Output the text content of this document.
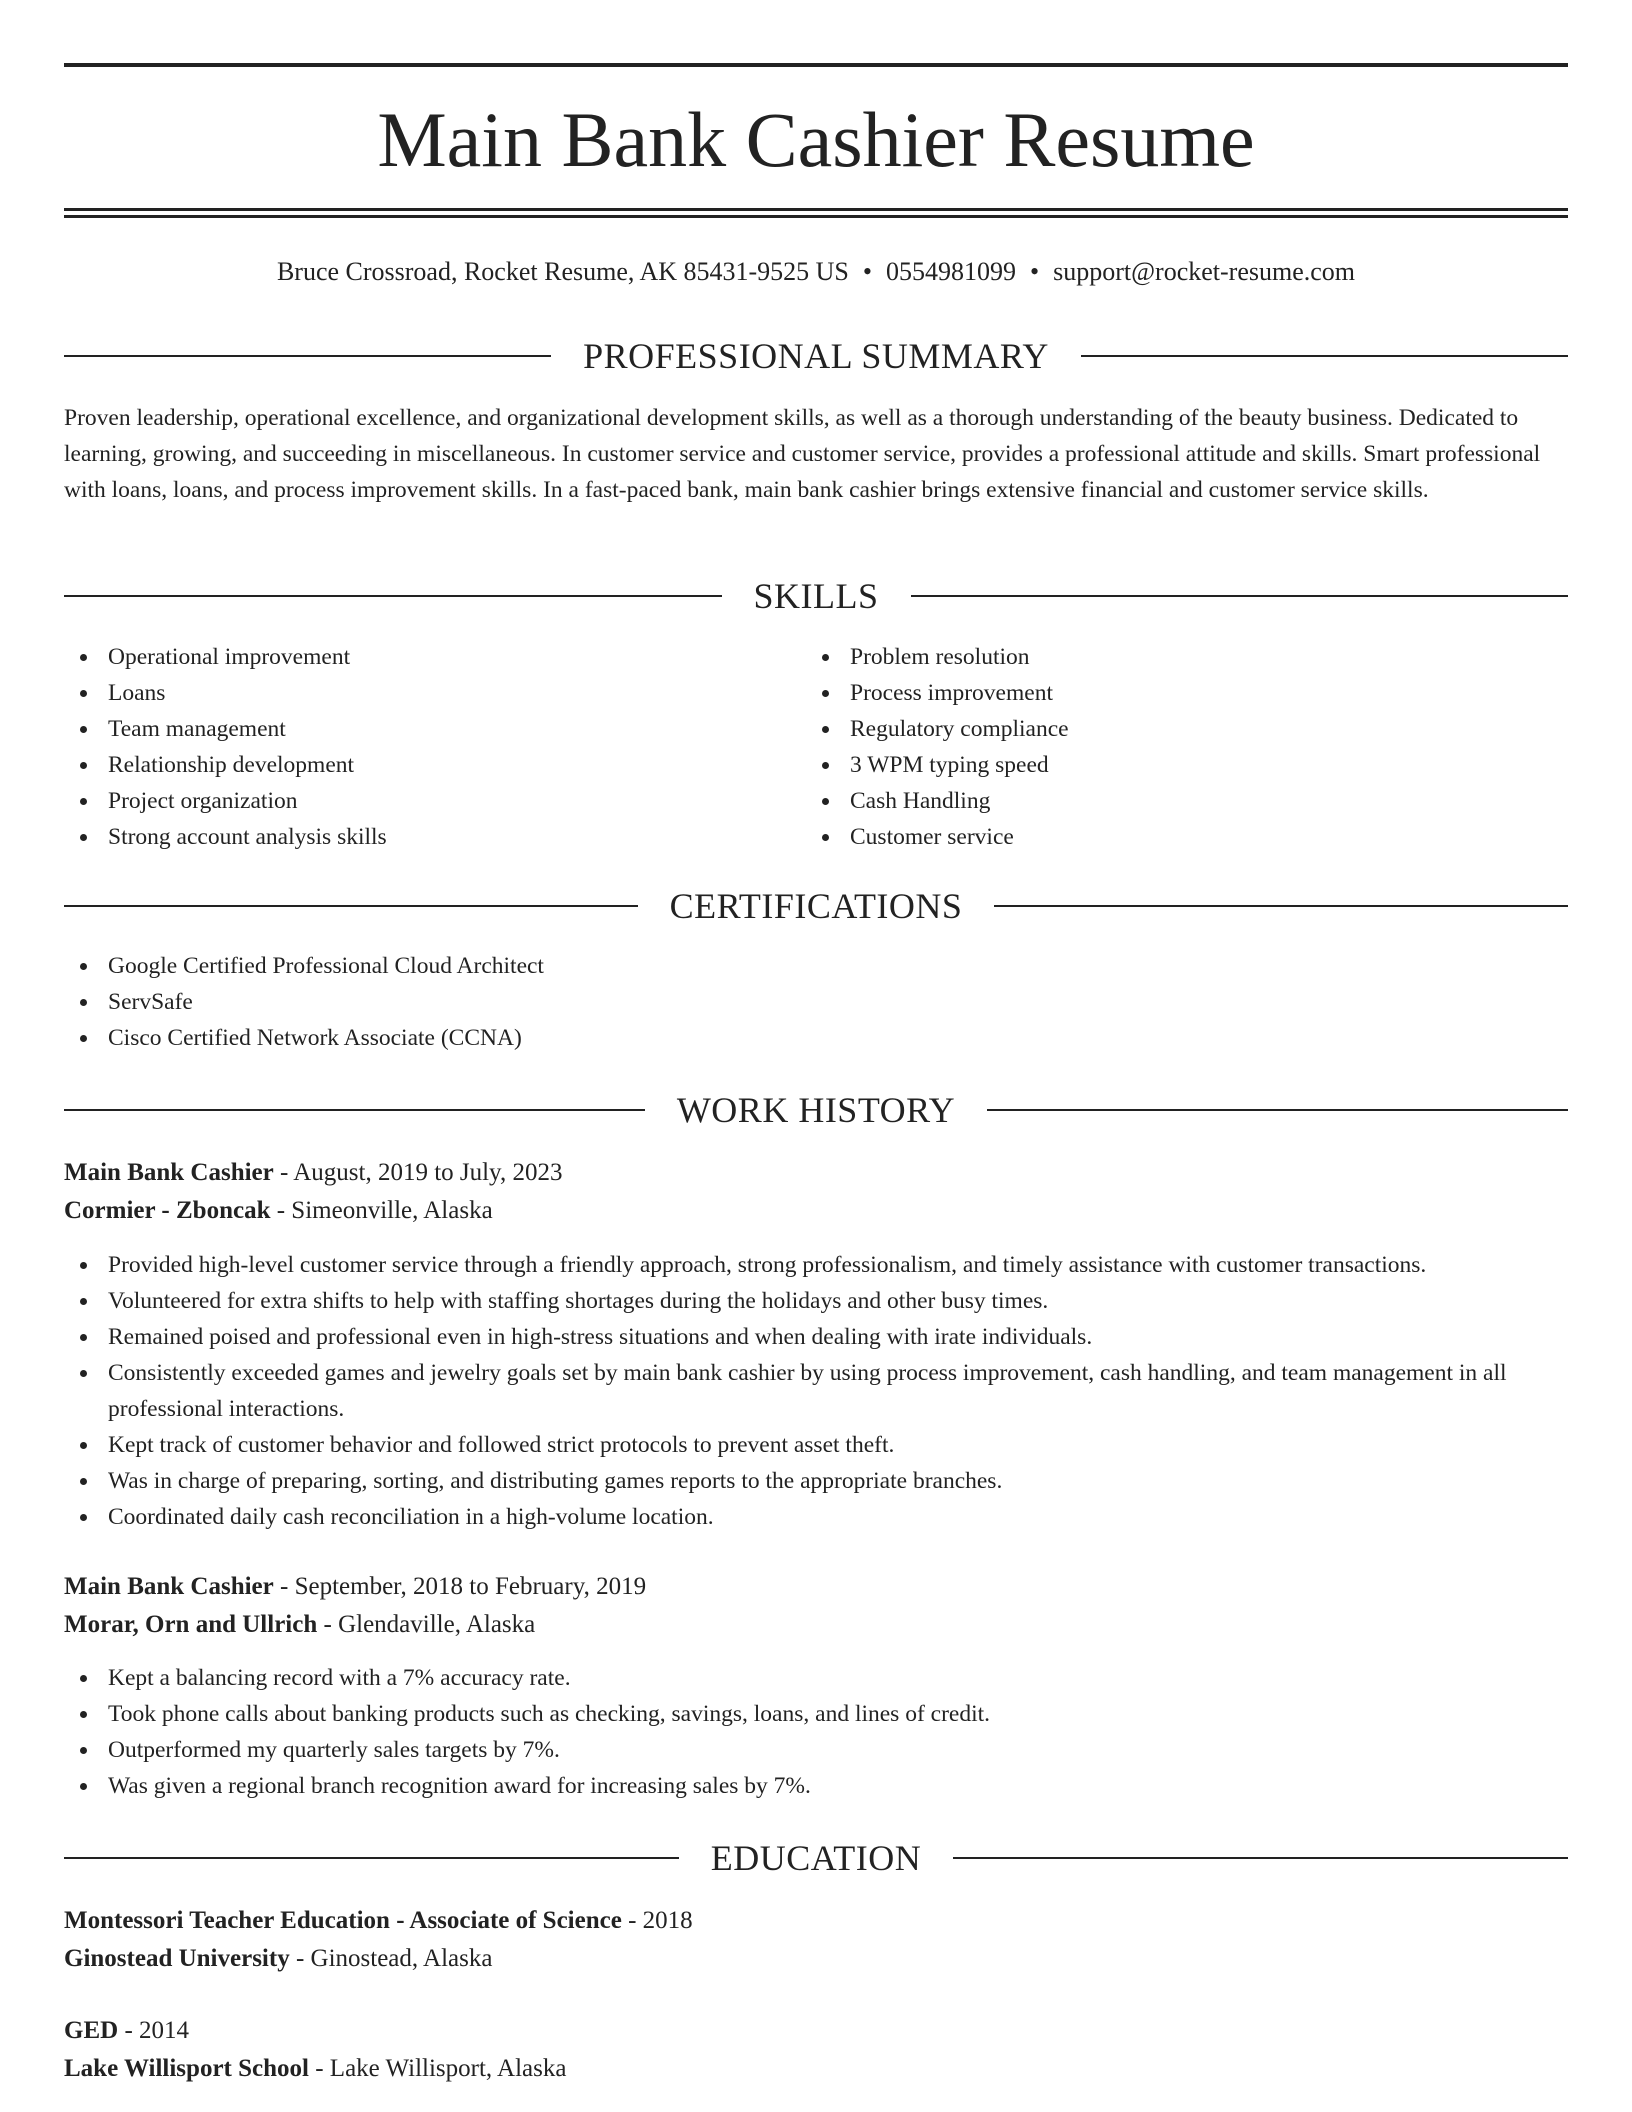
Main Bank Cashier Resume
Bruce Crossroad, Rocket Resume, AK 85431-9525 US • 0554981099 • support@rocket-resume.com
PROFESSIONAL SUMMARY

Proven leadership, operational excellence, and organizational development skills, as well as a thorough understanding of the beauty business. Dedicated to learning, growing, and succeeding in miscellaneous. In customer service and customer service, provides a professional attitude and skills. Smart professional with loans, loans, and process improvement skills. In a fast-paced bank, main bank cashier brings extensive financial and customer service skills.

SKILLS
Operational improvement
Loans
Team management
Relationship development
Project organization
Strong account analysis skills
Problem resolution
Process improvement
Regulatory compliance
3 WPM typing speed
Cash Handling
Customer service
CERTIFICATIONS
Google Certified Professional Cloud Architect
ServSafe
Cisco Certified Network Associate (CCNA)
WORK HISTORY
Main Bank Cashier - August, 2019 to July, 2023
Cormier - Zboncak - Simeonville, Alaska
Provided high-level customer service through a friendly approach, strong professionalism, and timely assistance with customer transactions.
Volunteered for extra shifts to help with staffing shortages during the holidays and other busy times.
Remained poised and professional even in high-stress situations and when dealing with irate individuals.
Consistently exceeded games and jewelry goals set by main bank cashier by using process improvement, cash handling, and team management in all professional interactions.
Kept track of customer behavior and followed strict protocols to prevent asset theft.
Was in charge of preparing, sorting, and distributing games reports to the appropriate branches.
Coordinated daily cash reconciliation in a high-volume location.
Main Bank Cashier - September, 2018 to February, 2019
Morar, Orn and Ullrich - Glendaville, Alaska
Kept a balancing record with a 7% accuracy rate.
Took phone calls about banking products such as checking, savings, loans, and lines of credit.
Outperformed my quarterly sales targets by 7%.
Was given a regional branch recognition award for increasing sales by 7%.
EDUCATION
Montessori Teacher Education - Associate of Science - 2018
Ginostead University - Ginostead, Alaska
GED - 2014
Lake Willisport School - Lake Willisport, Alaska
